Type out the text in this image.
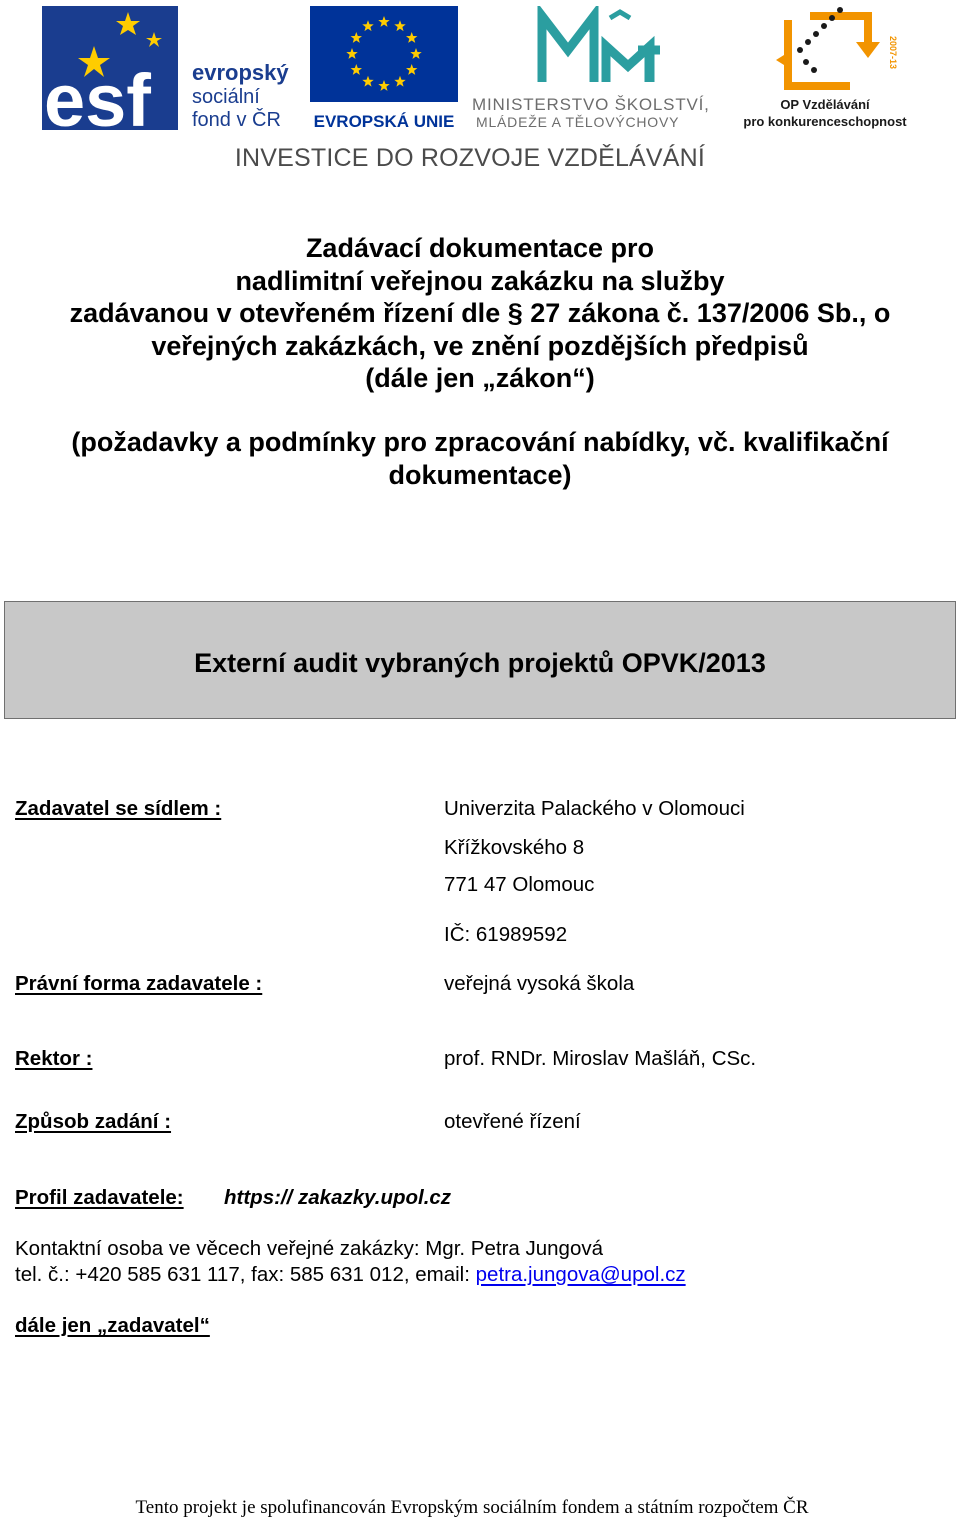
esf evropský
sociální
fond v ČR EVROPSKÁ UNIE
MINISTERSTVO ŠKOLSTVÍ,
MLÁDEŽE A TĚLOVÝCHOVY
2007-13
OP Vzdělávání
pro konkurenceschopnost
INVESTICE DO ROZVOJE VZDĚLÁVÁNÍ
Zadávací dokumentace pro
nadlimitní veřejnou zakázku na služby
zadávanou v otevřeném řízení dle § 27 zákona č. 137/2006 Sb., o
veřejných zakázkách, ve znění pozdějších předpisů
(dále jen „zákon“)
(požadavky a podmínky pro zpracování nabídky, vč. kvalifikační
dokumentace)
Externí audit vybraných projektů OPVK/2013
Zadavatel se sídlem :	Univerzita Palackého v Olomouci
Křížkovského 8
771 47 Olomouc
IČ: 61989592
Právní forma zadavatele :	veřejná vysoká škola
Rektor :	prof. RNDr. Miroslav Mašláň, CSc.
Způsob zadání :	otevřené řízení
Profil zadavatele: https:// zakazky.upol.cz
Kontaktní osoba ve věcech veřejné zakázky: Mgr. Petra Jungová
tel. č.: +420 585 631 117, fax: 585 631 012, email: petra.jungova@upol.cz
dále jen „zadavatel“
Tento projekt je spolufinancován Evropským sociálním fondem a státním rozpočtem ČR
